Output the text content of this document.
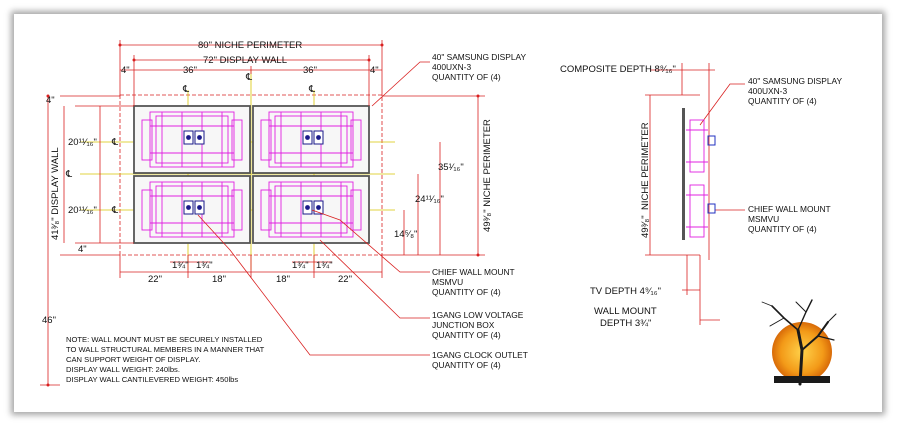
80" NICHE PERIMETER
72" DISPLAY WALL
4"	4"
36"	36"
℄
℄	℄
℄
℄
℄
4"
4"
20¹¹⁄₁₆"
20¹¹⁄₁₆"
41³⁄₈" DISPLAY WALL	49³⁄₈" NICHE PERIMETER
35¹⁄₁₆"
24¹¹⁄₁₆"
14⁵⁄₈"
46"
22"	18"	18"	22"
1¾" 1¾"	1¾" 1¾"
40" SAMSUNG DISPLAY
400UXN-3
QUANTITY OF (4)
CHIEF WALL MOUNT
MSMVU
QUANTITY OF (4)
1GANG LOW VOLTAGE
JUNCTION BOX
QUANTITY OF (4)
1GANG CLOCK OUTLET
QUANTITY OF (4)
NOTE: WALL MOUNT MUST BE SECURELY INSTALLED
TO WALL STRUCTURAL MEMBERS IN A MANNER THAT
CAN SUPPORT WEIGHT OF DISPLAY.
DISPLAY WALL WEIGHT: 240lbs.
DISPLAY WALL CANTILEVERED WEIGHT: 450lbs
COMPOSITE DEPTH 8⁹⁄₁₆"
NICHE PERIMETER
49³⁄₈"
TV DEPTH 4⁹⁄₁₆"
WALL MOUNT
DEPTH 3¾"
40" SAMSUNG DISPLAY
400UXN-3
QUANTITY OF (4)
CHIEF WALL MOUNT
MSMVU
QUANTITY OF (4)
